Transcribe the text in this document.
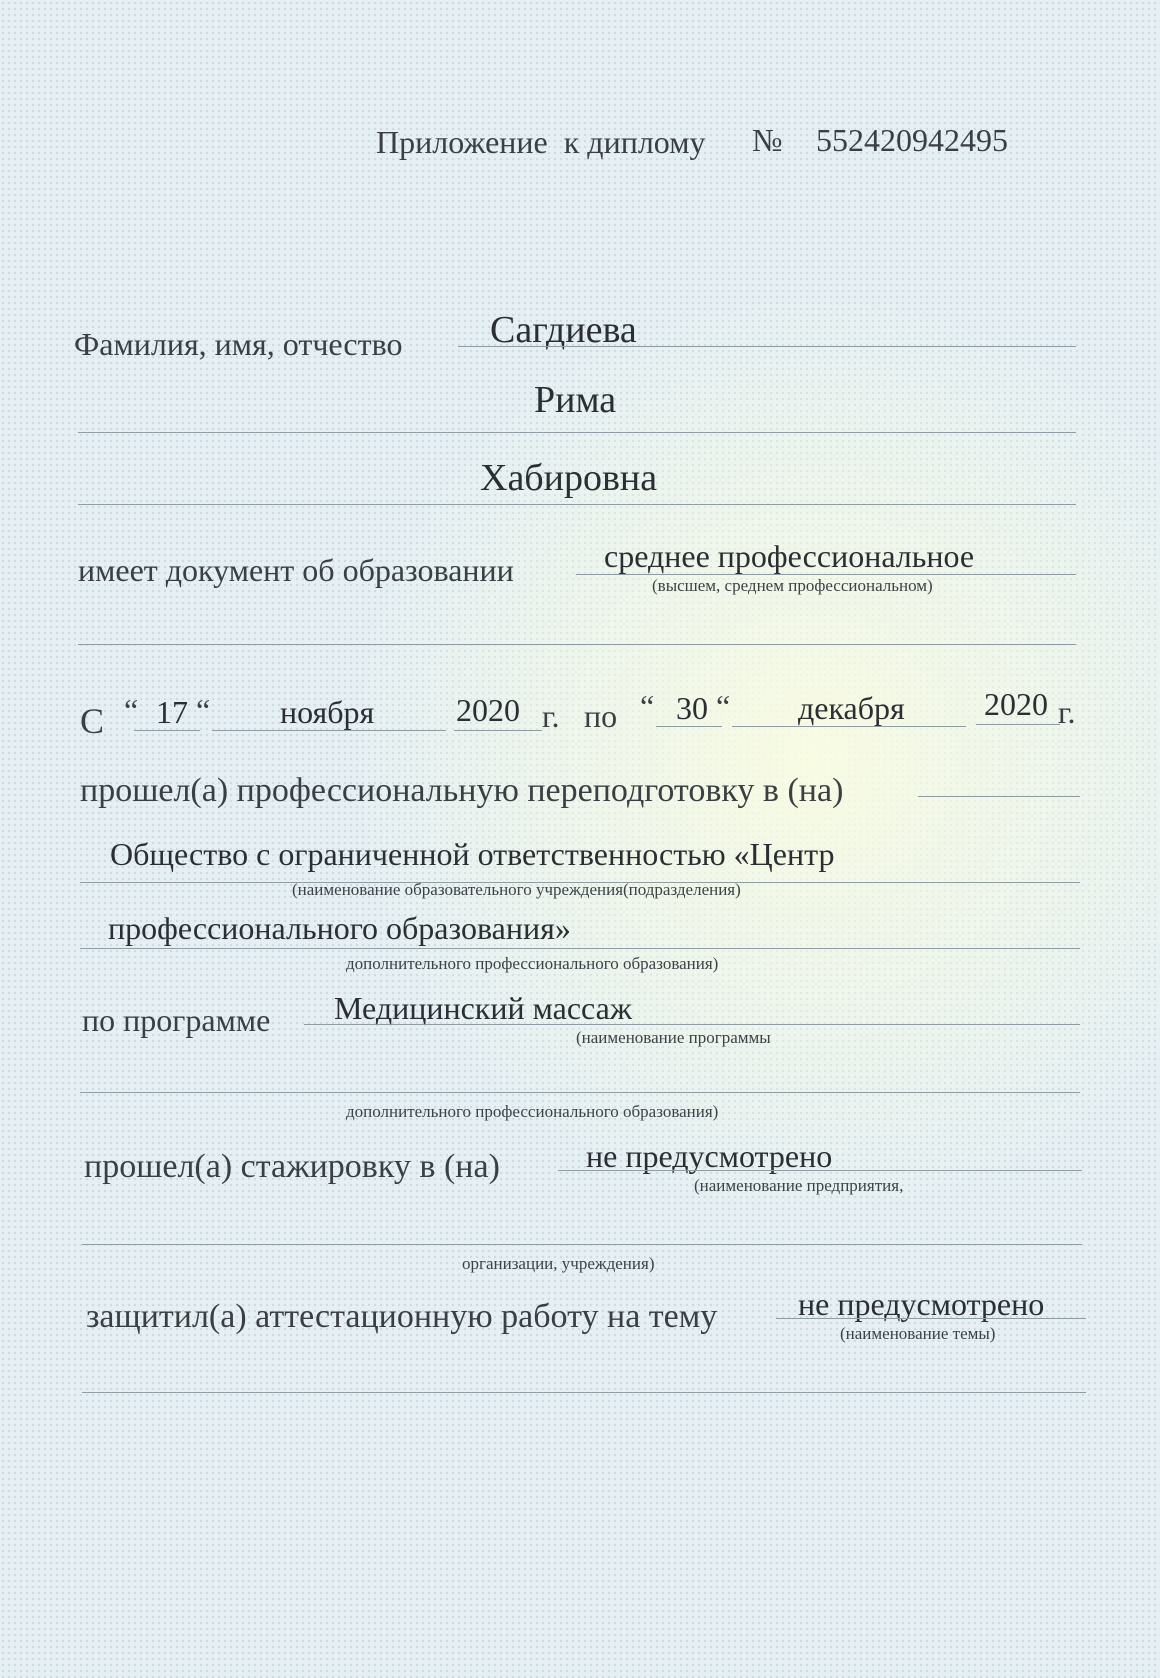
Приложение  к диплому № 552420942495
Фамилия, имя, отчество Сагдиева
Рима
Хабировна
имеет документ об образовании	среднее профессиональное
(высшем, среднем профессиональном)
С “ 17 “ ноября	2020 г. по “ 30 “ декабря 2020 г.
прошел(а) профессиональную переподготовку в (на)
Общество с ограниченной ответственностью «Центр
(наименование образовательного учреждения(подразделения)
профессионального образования»
дополнительного профессионального образования)
по программе Медицинский массаж
(наименование программы
дополнительного профессионального образования)
прошел(а) стажировку в (на)	не предусмотрено
(наименование предприятия,
организации, учреждения)
защитил(а) аттестационную работу на тему	не предусмотрено
(наименование темы)
